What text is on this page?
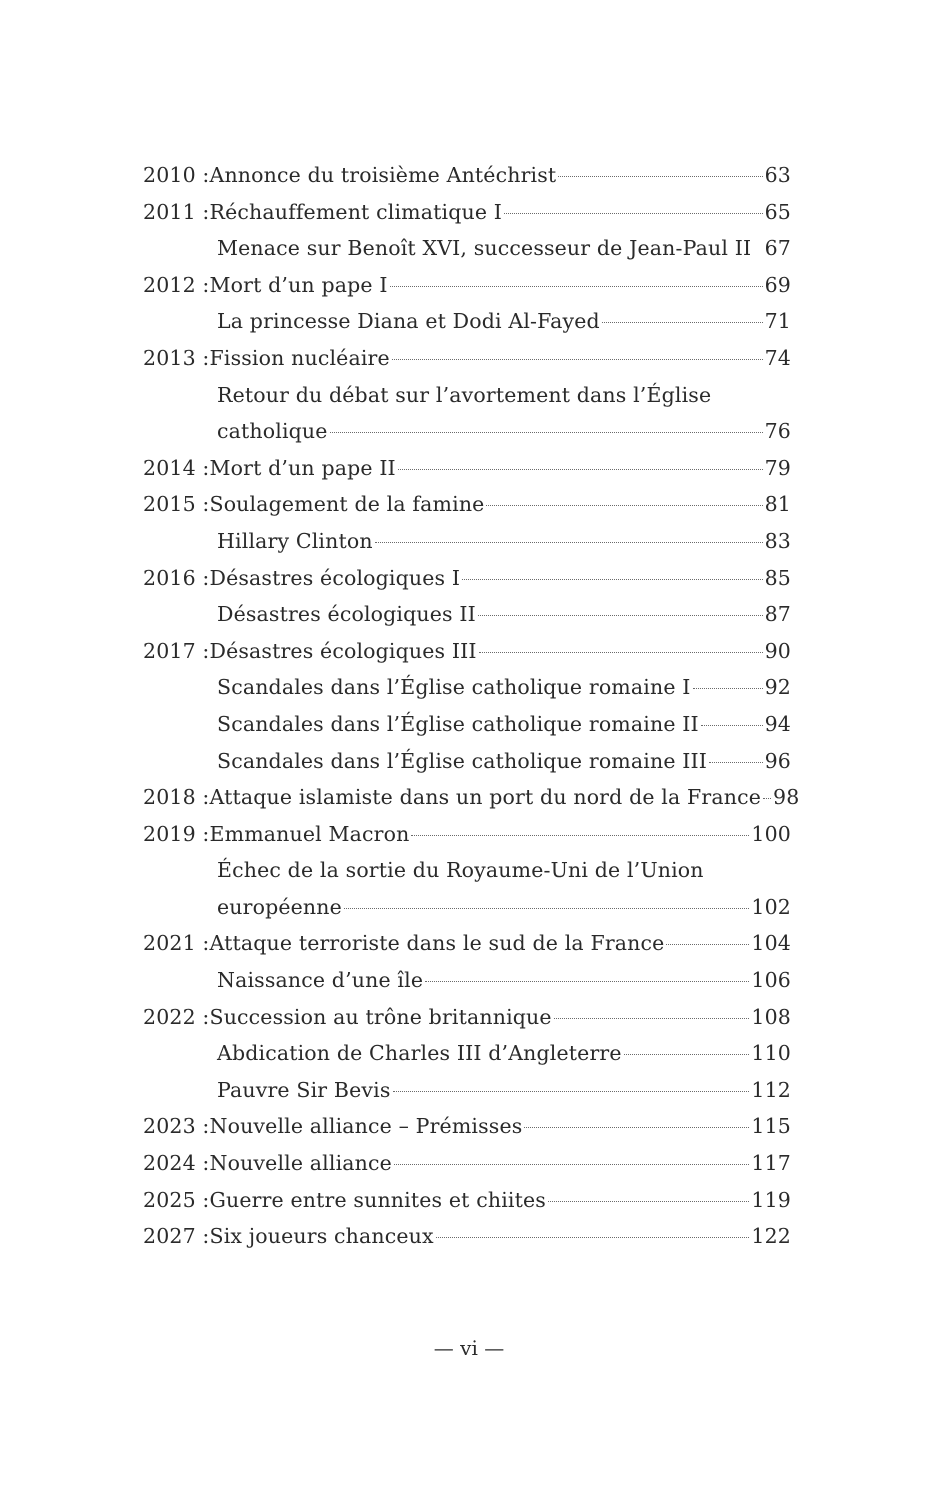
2010 : Annonce du troisième Antéchrist	63
2011 : Réchauffement climatique I	65
Menace sur Benoît XVI, successeur de Jean-Paul II 67
2012 : Mort d’un pape I	69
La princesse Diana et Dodi Al-Fayed	71
2013 : Fission nucléaire	74
Retour du débat sur l’avortement dans l’Église
catholique	76
2014 : Mort d’un pape II	79
2015 : Soulagement de la famine	81
Hillary Clinton	83
2016 : Désastres écologiques I	85
Désastres écologiques II	87
2017 : Désastres écologiques III	90
Scandales dans l’Église catholique romaine I	92
Scandales dans l’Église catholique romaine II	94
Scandales dans l’Église catholique romaine III	96
2018 : Attaque islamiste dans un port du nord de la France 98
2019 : Emmanuel Macron	100
Échec de la sortie du Royaume-Uni de l’Union
européenne	102
2021 : Attaque terroriste dans le sud de la France	104
Naissance d’une île	106
2022 : Succession au trône britannique	108
Abdication de Charles III d’Angleterre	110
Pauvre Sir Bevis	112
2023 : Nouvelle alliance – Prémisses	115
2024 : Nouvelle alliance	117
2025 : Guerre entre sunnites et chiites	119
2027 : Six joueurs chanceux	122
— vi —
